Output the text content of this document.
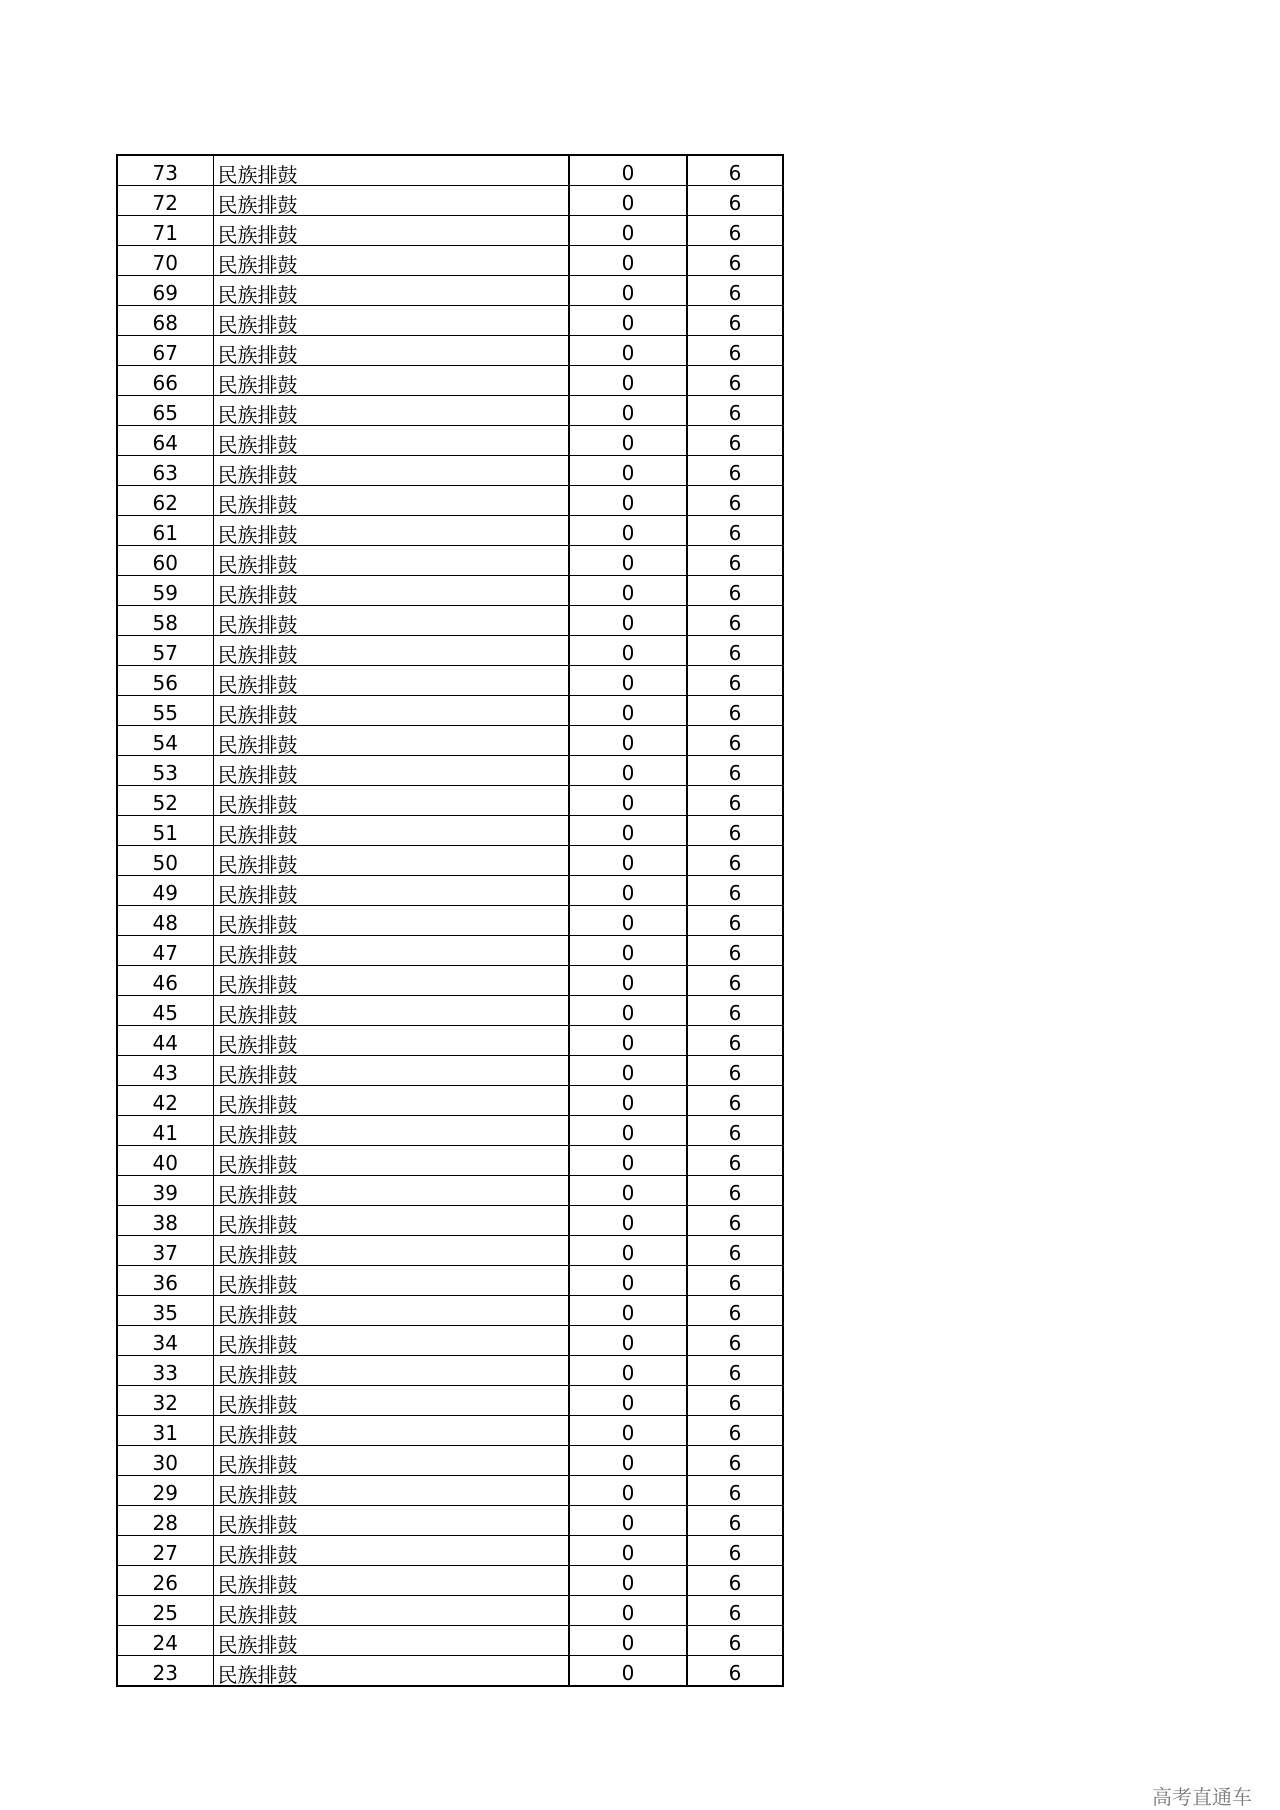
73	民族排鼓	0	6
72	民族排鼓	0	6
71	民族排鼓	0	6
70	民族排鼓	0	6
69	民族排鼓	0	6
68	民族排鼓	0	6
67	民族排鼓	0	6
66	民族排鼓	0	6
65	民族排鼓	0	6
64	民族排鼓	0	6
63	民族排鼓	0	6
62	民族排鼓	0	6
61	民族排鼓	0	6
60	民族排鼓	0	6
59	民族排鼓	0	6
58	民族排鼓	0	6
57	民族排鼓	0	6
56	民族排鼓	0	6
55	民族排鼓	0	6
54	民族排鼓	0	6
53	民族排鼓	0	6
52	民族排鼓	0	6
51	民族排鼓	0	6
50	民族排鼓	0	6
49	民族排鼓	0	6
48	民族排鼓	0	6
47	民族排鼓	0	6
46	民族排鼓	0	6
45	民族排鼓	0	6
44	民族排鼓	0	6
43	民族排鼓	0	6
42	民族排鼓	0	6
41	民族排鼓	0	6
40	民族排鼓	0	6
39	民族排鼓	0	6
38	民族排鼓	0	6
37	民族排鼓	0	6
36	民族排鼓	0	6
35	民族排鼓	0	6
34	民族排鼓	0	6
33	民族排鼓	0	6
32	民族排鼓	0	6
31	民族排鼓	0	6
30	民族排鼓	0	6
29	民族排鼓	0	6
28	民族排鼓	0	6
27	民族排鼓	0	6
26	民族排鼓	0	6
25	民族排鼓	0	6
24	民族排鼓	0	6
23	民族排鼓	0	6
高考直通车
